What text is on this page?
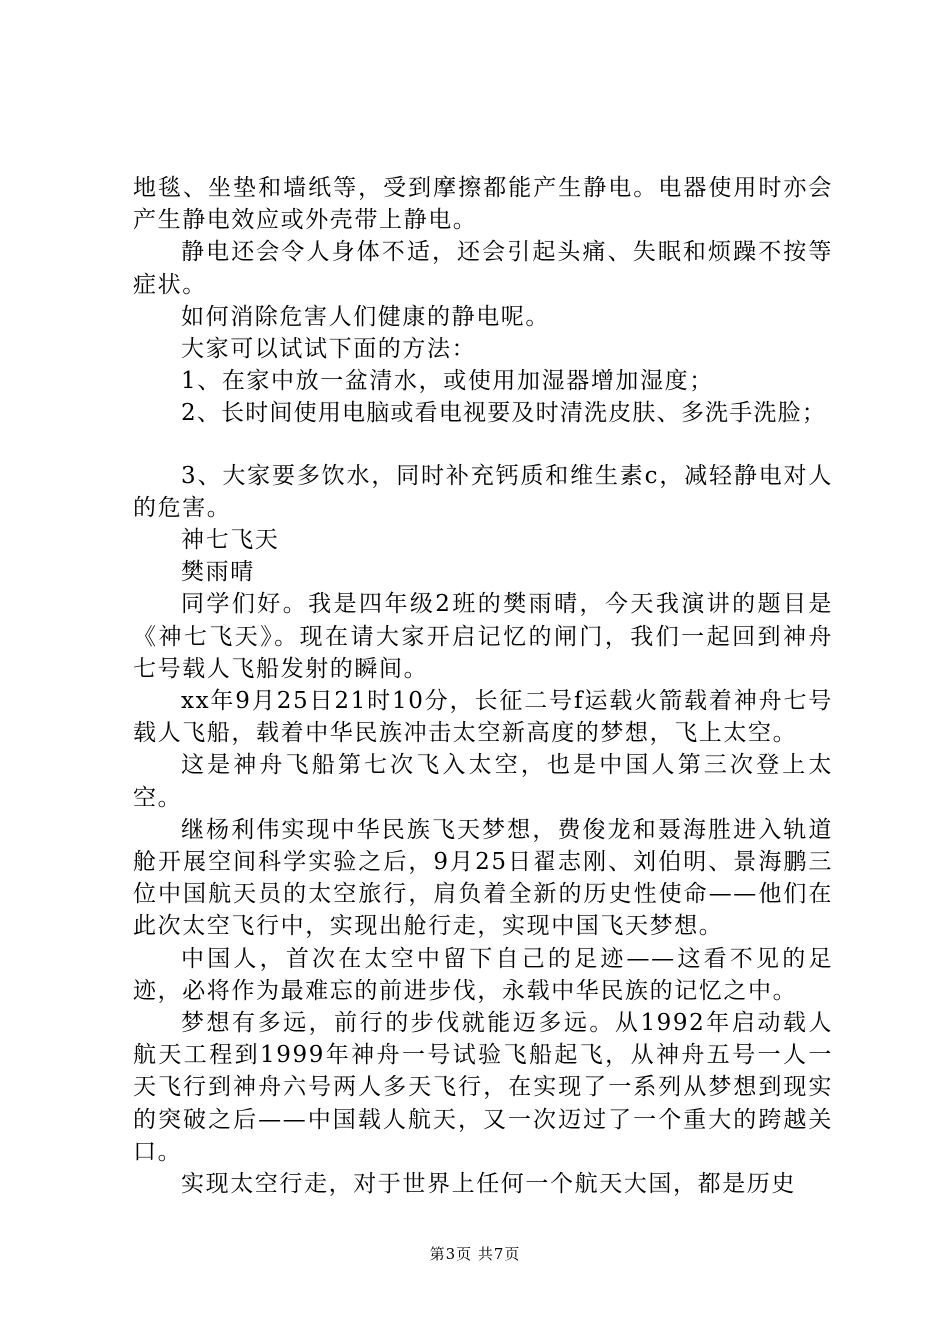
地毯、坐垫和墙纸等，受到摩擦都能产生静电。电器使用时亦会产生静电效应或外壳带上静电。

静电还会令人身体不适，还会引起头痛、失眠和烦躁不按等症状。

如何消除危害人们健康的静电呢。

大家可以试试下面的方法：

1、在家中放一盆清水，或使用加湿器增加湿度；

2、长时间使用电脑或看电视要及时清洗皮肤、多洗手洗脸；

3、大家要多饮水，同时补充钙质和维生素c，减轻静电对人的危害。

神七飞天

樊雨晴

同学们好。我是四年级2班的樊雨晴，今天我演讲的题目是《神七飞天》。现在请大家开启记忆的闸门，我们一起回到神舟七号载人飞船发射的瞬间。

xx年9月25日21时10分，长征二号f运载火箭载着神舟七号载人飞船，载着中华民族冲击太空新高度的梦想，飞上太空。

这是神舟飞船第七次飞入太空，也是中国人第三次登上太空。

继杨利伟实现中华民族飞天梦想，费俊龙和聂海胜进入轨道舱开展空间科学实验之后，9月25日翟志刚、刘伯明、景海鹏三位中国航天员的太空旅行，肩负着全新的历史性使命——他们在此次太空飞行中，实现出舱行走，实现中国飞天梦想。

中国人，首次在太空中留下自己的足迹——这看不见的足迹，必将作为最难忘的前进步伐，永载中华民族的记忆之中。

梦想有多远，前行的步伐就能迈多远。从1992年启动载人航天工程到1999年神舟一号试验飞船起飞，从神舟五号一人一天飞行到神舟六号两人多天飞行，在实现了一系列从梦想到现实的突破之后——中国载人航天，又一次迈过了一个重大的跨越关口。

实现太空行走，对于世界上任何一个航天大国，都是历史

第3页 共7页
